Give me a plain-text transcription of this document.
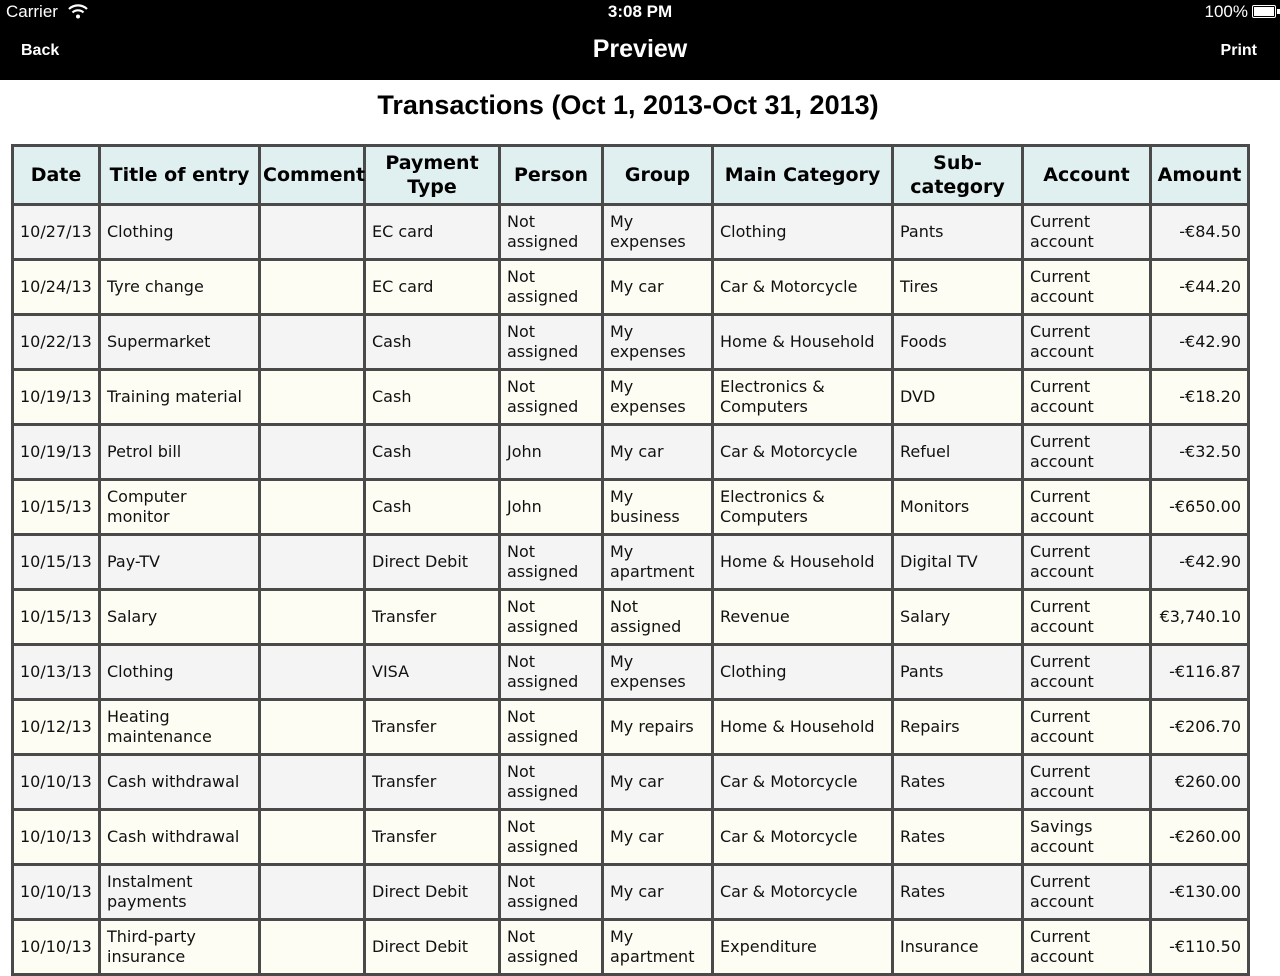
Carrier	3:08 PM	100%
Back	Preview	Print
Transactions (Oct 1, 2013-Oct 31, 2013)
Date	Title of entry	Comment	Payment Type	Person	Group	Main Category	Sub-category	Account	Amount
10/27/13	Clothing		EC card	Not assigned	My expenses	Clothing	Pants	Current account	-€84.50
10/24/13	Tyre change		EC card	Not assigned	My car	Car & Motorcycle	Tires	Current account	-€44.20
10/22/13	Supermarket		Cash	Not assigned	My expenses	Home & Household	Foods	Current account	-€42.90
10/19/13	Training material		Cash	Not assigned	My expenses	Electronics & Computers	DVD	Current account	-€18.20
10/19/13	Petrol bill		Cash	John	My car	Car & Motorcycle	Refuel	Current account	-€32.50
10/15/13	Computer monitor		Cash	John	My business	Electronics & Computers	Monitors	Current account	-€650.00
10/15/13	Pay-TV		Direct Debit	Not assigned	My apartment	Home & Household	Digital TV	Current account	-€42.90
10/15/13	Salary		Transfer	Not assigned	Not assigned	Revenue	Salary	Current account	€3,740.10
10/13/13	Clothing		VISA	Not assigned	My expenses	Clothing	Pants	Current account	-€116.87
10/12/13	Heating maintenance		Transfer	Not assigned	My repairs	Home & Household	Repairs	Current account	-€206.70
10/10/13	Cash withdrawal		Transfer	Not assigned	My car	Car & Motorcycle	Rates	Current account	€260.00
10/10/13	Cash withdrawal		Transfer	Not assigned	My car	Car & Motorcycle	Rates	Savings account	-€260.00
10/10/13	Instalment payments		Direct Debit	Not assigned	My car	Car & Motorcycle	Rates	Current account	-€130.00
10/10/13	Third-party insurance		Direct Debit	Not assigned	My apartment	Expenditure	Insurance	Current account	-€110.50
